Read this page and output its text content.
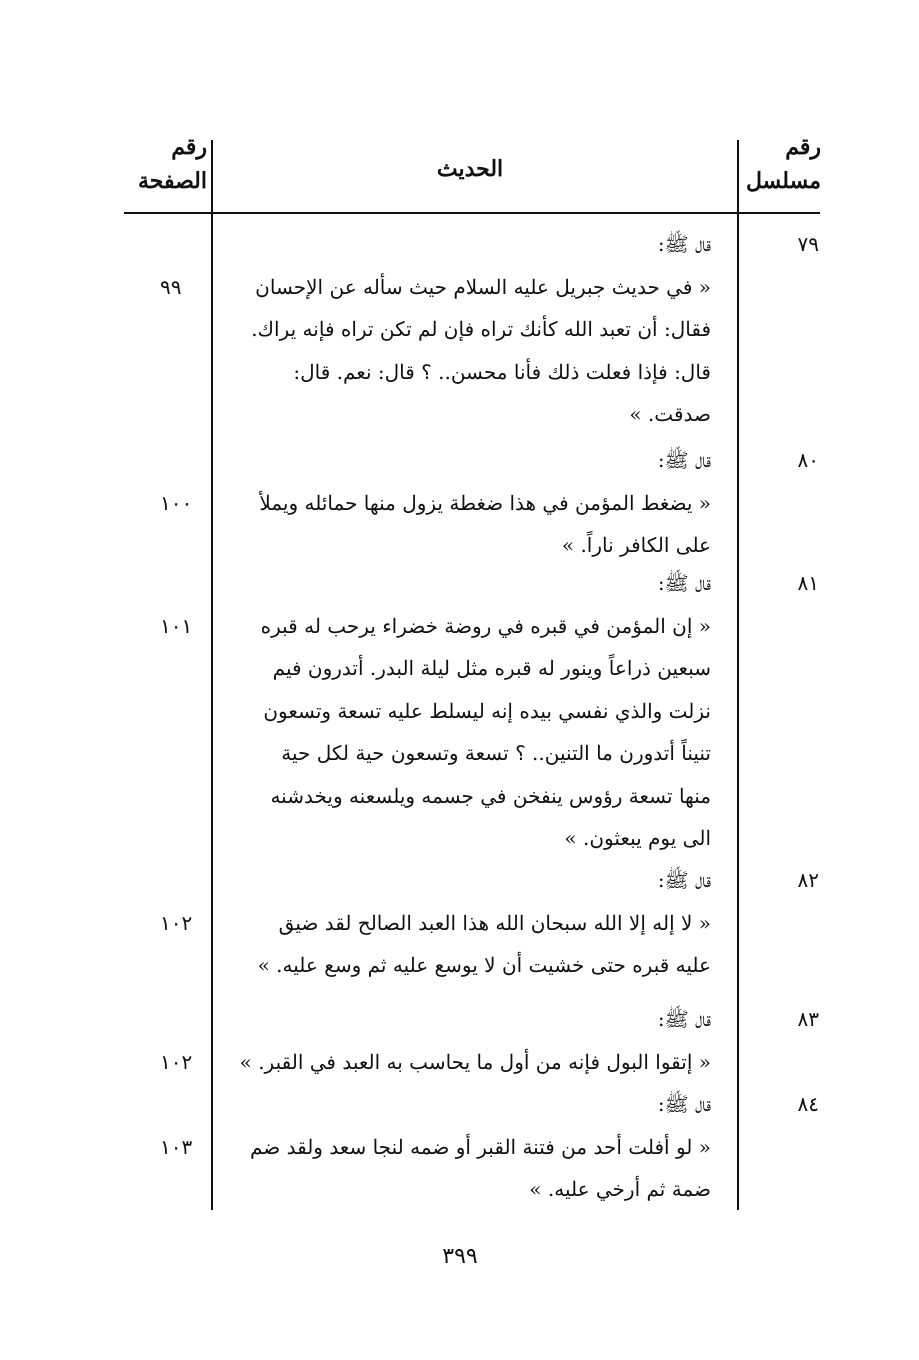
رقم
مسلسل
الحديث
رقم
الصفحة
٧٩
قال ﷺ:
« في حديث جبريل عليه السلام حيث سأله عن الإحسان
فقال: أن تعبد الله كأنك تراه فإن لم تكن تراه فإنه يراك.
قال: فإذا فعلت ذلك فأنا محسن.. ؟ قال: نعم. قال:
صدقت. »
٩٩
٨٠
قال ﷺ:
« يضغط المؤمن في هذا ضغطة يزول منها حمائله ويملأ
على الكافر ناراً. »
١٠٠
٨١
قال ﷺ:
« إن المؤمن في قبره في روضة خضراء يرحب له قبره
سبعين ذراعاً وينور له قبره مثل ليلة البدر. أتدرون فيم
نزلت والذي نفسي بيده إنه ليسلط عليه تسعة وتسعون
تنيناً أتدورن ما التنين.. ؟ تسعة وتسعون حية لكل حية
منها تسعة رؤوس ينفخن في جسمه ويلسعنه ويخدشنه
الى يوم يبعثون. »
١٠١
٨٢
قال ﷺ:
« لا إله إلا الله سبحان الله هذا العبد الصالح لقد ضيق
عليه قبره حتى خشيت أن لا يوسع عليه ثم وسع عليه. »
١٠٢
٨٣
قال ﷺ:
« إتقوا البول فإنه من أول ما يحاسب به العبد في القبر. »
١٠٢
٨٤
قال ﷺ:
« لو أفلت أحد من فتنة القبر أو ضمه لنجا سعد ولقد ضم
ضمة ثم أرخي عليه. »
١٠٣
٣٩٩
